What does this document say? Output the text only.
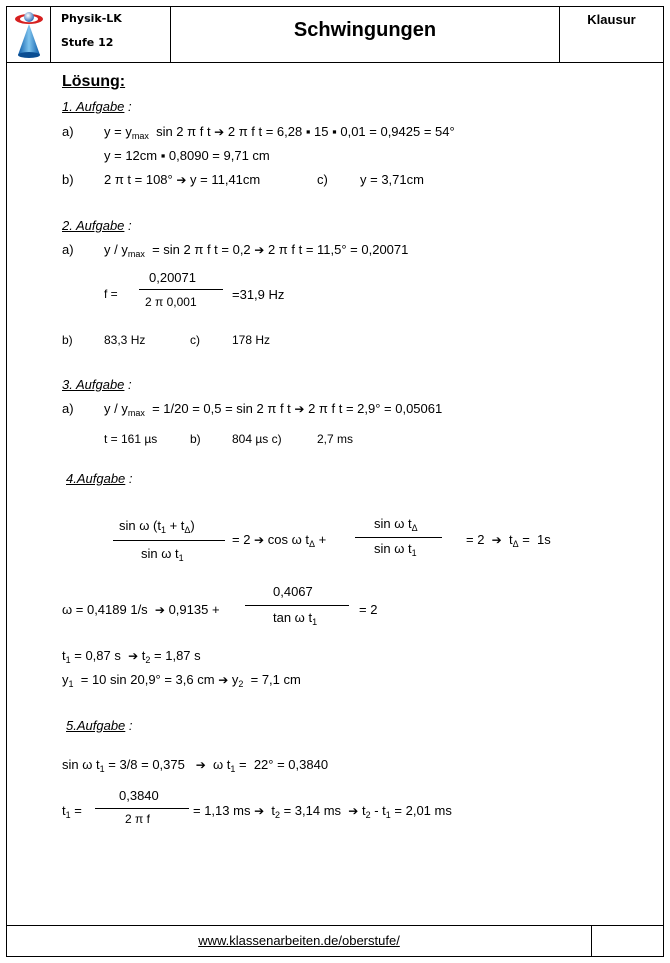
Physik-LK
Stufe 12
Schwingungen	Klausur
Lösung:
1. Aufgabe :
a) $y = y_{max}$  sin 2 π f t ➔ 2 π f t = 6,28 ▪ 15 ▪ 0,01 = 0,9425 = 54°
y = 12cm ▪ 0,8090 = 9,71 cm
b) 2 π t = 108° ➔ y = 11,41cm	c) y = 3,71cm
2. Aufgabe :
a) $y / y_{max} = \sin 2$ π f t = 0,2 ➔ 2 π f t = 11,5° = 0,20071
f =
0,20071
2 π 0,001	=31,9 Hz
b)	83,3 Hz	c)	178 Hz
3. Aufgabe :
a) $y / y_{max} = 1/20 = 0,5 = \sin 2$ π f t ➔ 2 π f t = 2,9° = 0,05061
t = 161 µs	b)	804 µs c)	2,7 ms
4.Aufgabe :
sin ω $(t_1 + t_\Delta)$
sin ω $t_1$
= 2 ➔ cos ω $t_\Delta$ +
sin ω $t_\Delta$
sin ω $t_1$
= 2  ➔  $t_\Delta = 1s$
ω = 0,4189 1/s  ➔ 0,9135 +
0,4067
tan ω $t_1$
= 2
$t_1 = 0,87$ s  ➔ $t_2 = 1,87$ s
$y_1 = 10$ sin 20,9° = 3,6 cm ➔ $y_2 = 7,1$ cm
5.Aufgabe :
sin ω $t_1 = 3/8 = 0,375$   ➔  ω $t_1 = 22^\circ = 0,3840$
$t_1$ =
0,3840
2 π f
= 1,13 ms ➔  $t_2 = 3,14$ ms  ➔ $t_2 - t_1 = 2,01$ ms
www.klassenarbeiten.de/oberstufe/
